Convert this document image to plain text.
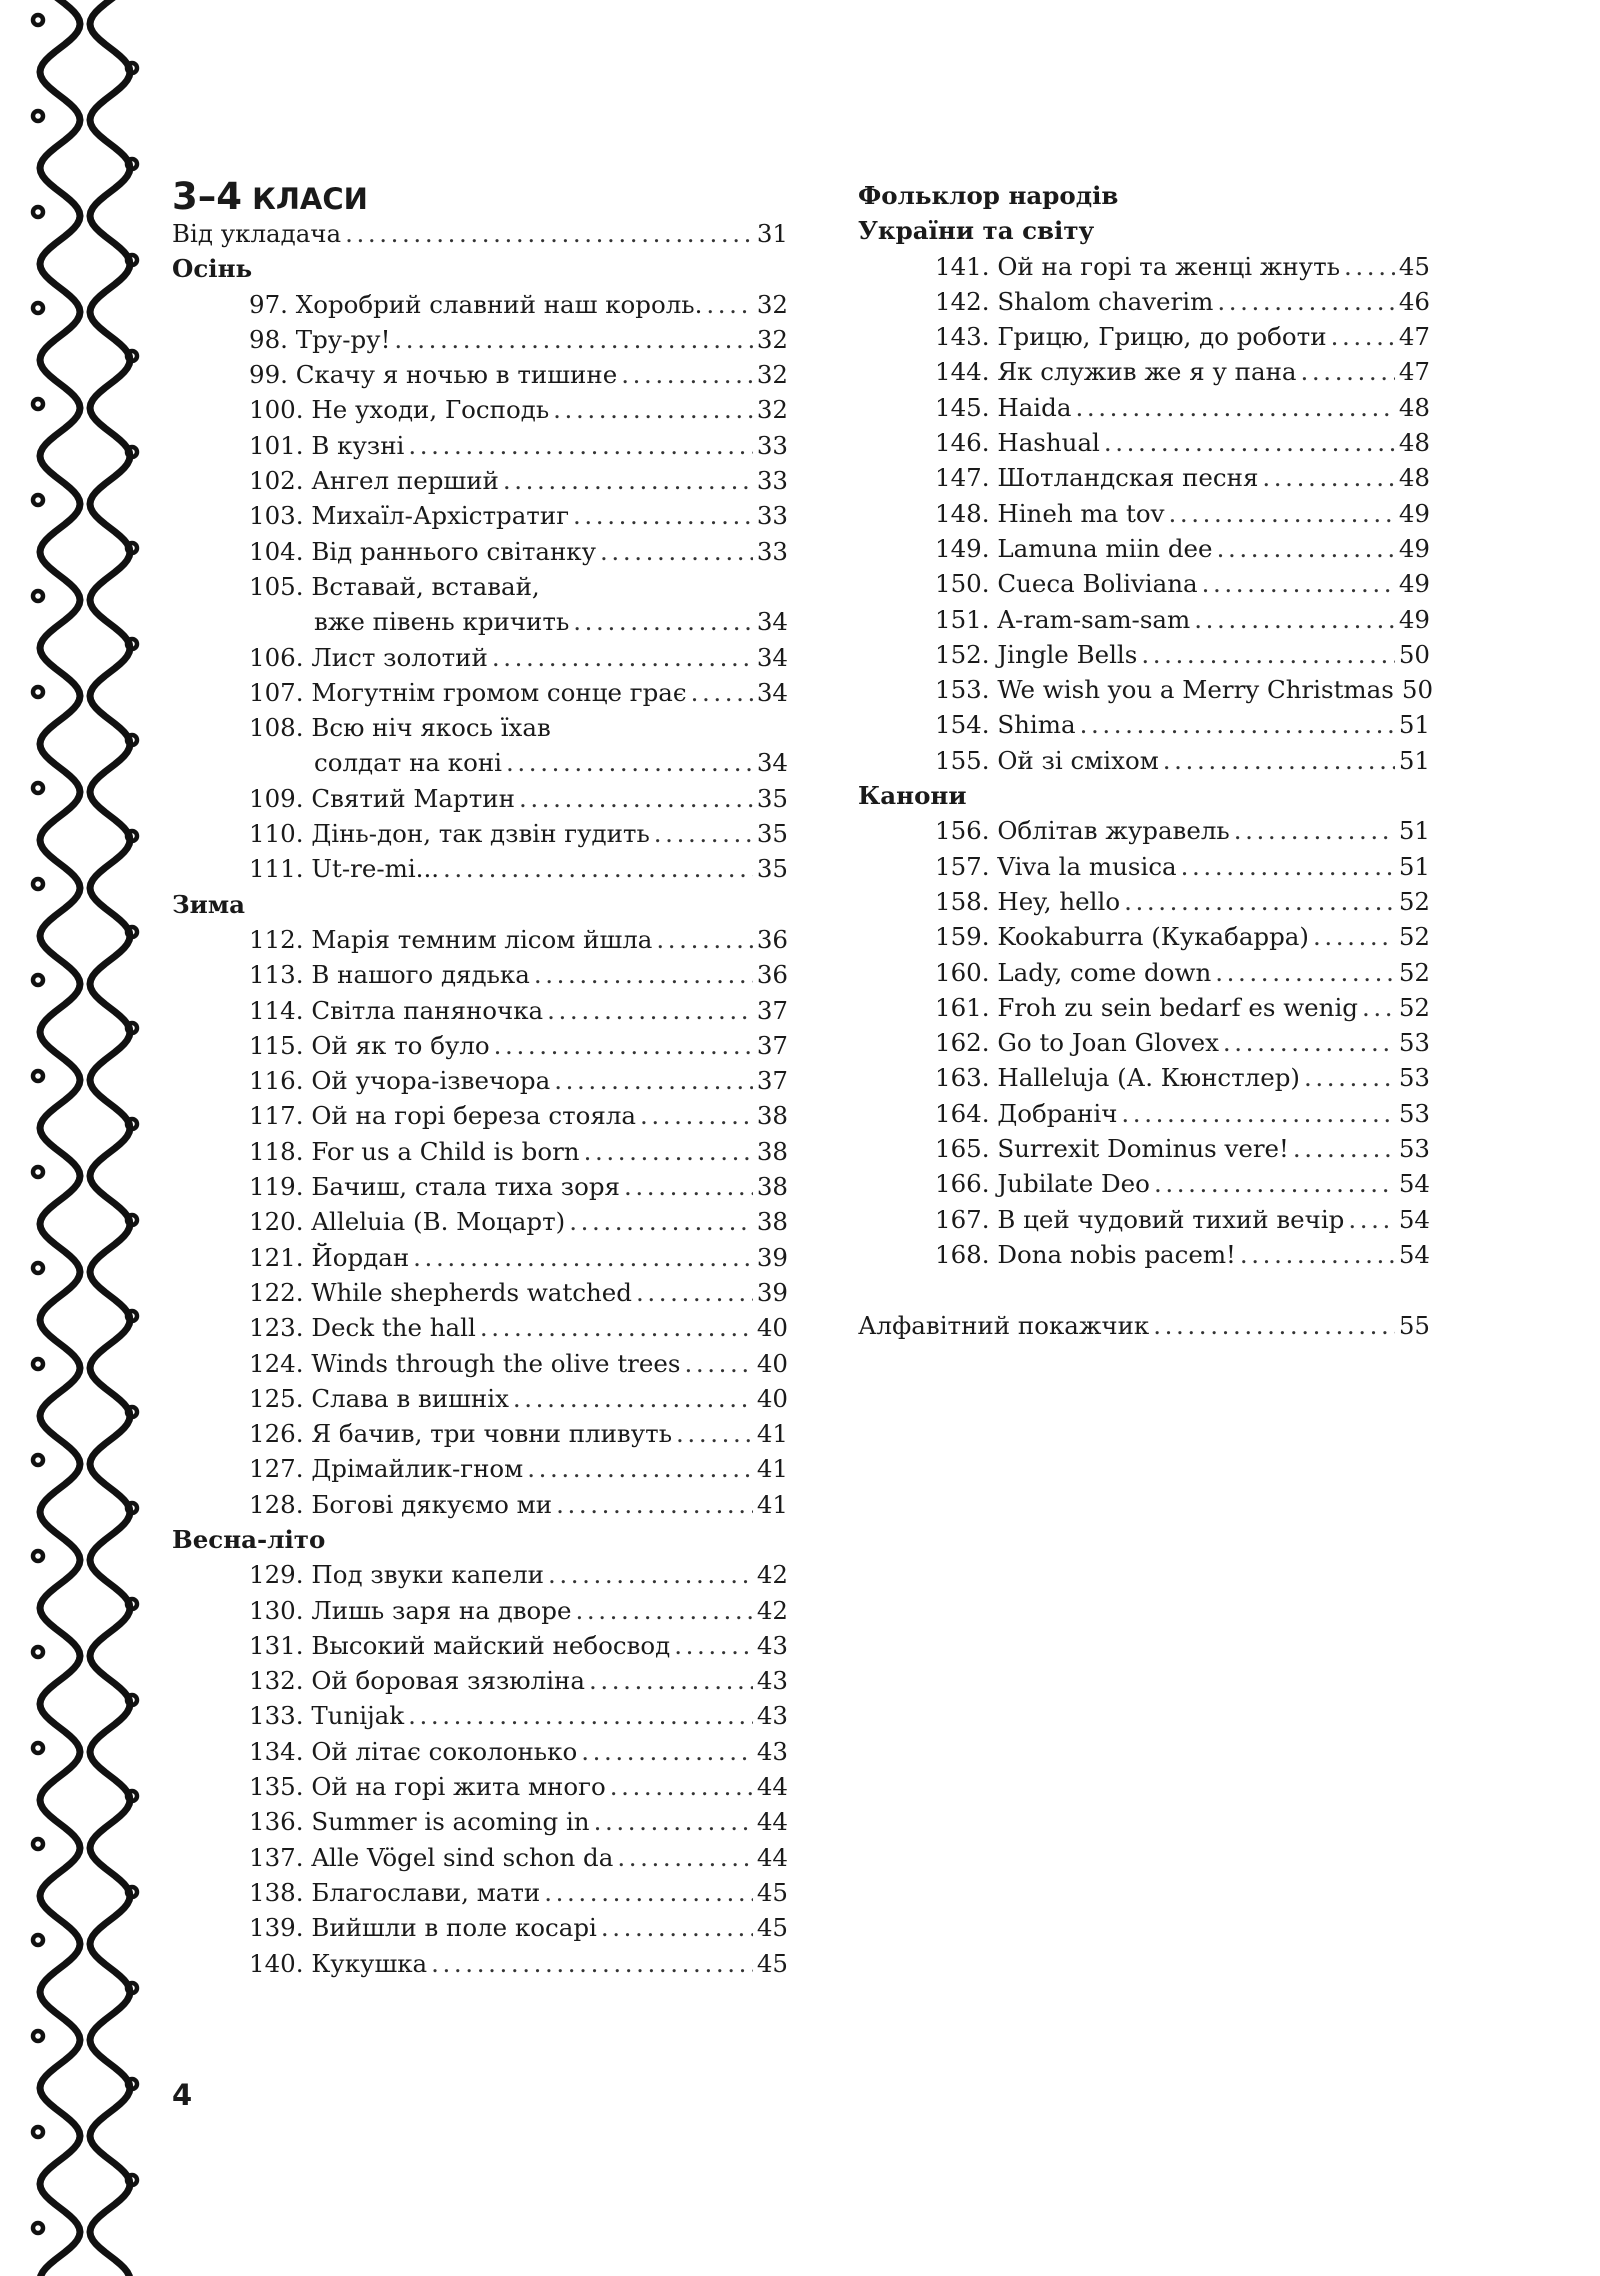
3–4 КЛАСИ
Від укладача .....	31
Осінь
97. Хоробрий славний наш король. ..... 32
98. Тру-ру! .....	32
99. Скачу я ночью в тишине .....	32
100. Не уходи, Господь .....	32
101. В кузні .....	33
102. Ангел перший .....	33
103. Михаїл-Архістратиг .....	33
104. Від раннього світанку .....	33
105. Вставай, вставай,
вже півень кричить .....	34
106. Лист золотий .....	34
107. Могутнім громом сонце грає .....	34
108. Всю ніч якось їхав
солдат на коні .....	34
109. Святий Мартин .....	35
110. Дінь-дон, так дзвін гудить .....	35
111. Ut-re-mi... .....	35
Зима
112. Марія темним лісом йшла .....	36
113. В нашого дядька .....	36
114. Світла паняночка .....	37
115. Ой як то було .....	37
116. Ой учора-ізвечора .....	37
117. Ой на горі береза стояла .....	38
118. For us a Child is born .....	38
119. Бачиш, стала тиха зоря .....	38
120. Alleluia (В. Моцарт) .....	38
121. Йордан .....	39
122. While shepherds watched .....	39
123. Deck the hall .....	40
124. Winds through the olive trees .....	40
125. Слава в вишніх .....	40
126. Я бачив, три човни пливуть .....	41
127. Дрімайлик-гном .....	41
128. Богові дякуємо ми .....	41
Весна-літо
129. Под звуки капели .....	42
130. Лишь заря на дворе .....	42
131. Высокий майский небосвод .....	43
132. Ой боровая зязюлiна .....	43
133. Tunijak .....	43
134. Ой літає соколонько .....	43
135. Ой на горі жита много .....	44
136. Summer is acoming in .....	44
137. Alle Vögel sind schon da .....	44
138. Благослави, мати .....	45
139. Вийшли в поле косарі .....	45
140. Кукушка .....	45
Фольклор народів
України та світу
141. Ой на горі та женці жнуть ..... 45
142. Shalom chaverim .....	46
143. Грицю, Грицю, до роботи .....	47
144. Як служив же я у пана .....	47
145. Haida .....	48
146. Hashual .....	48
147. Шотландская песня .....	48
148. Hineh ma tov .....	49
149. Lamuna miin dee .....	49
150. Cueca Boliviana .....	49
151. A-ram-sam-sam .....	49
152. Jingle Bells .....	50
153. We wish you a Merry Christmas 50
154. Shima .....	51
155. Ой зі сміхом .....	51
Канони
156. Облітав журавель .....	51
157. Viva la musica .....	51
158. Hey, hello .....	52
159. Kookaburra (Кукабарра) .....	52
160. Lady, come down .....	52
161. Froh zu sein bedarf es wenig ..... 52
162. Go to Joan Glovex .....	53
163. Halleluja (А. Кюнстлер) .....	53
164. Добраніч .....	53
165. Surrexit Dominus vere! .....	53
166. Jubilate Deo .....	54
167. В цей чудовий тихий вечір ..... 54
168. Dona nobis pacem! .....	54
Алфавітний покажчик .....	55
4
